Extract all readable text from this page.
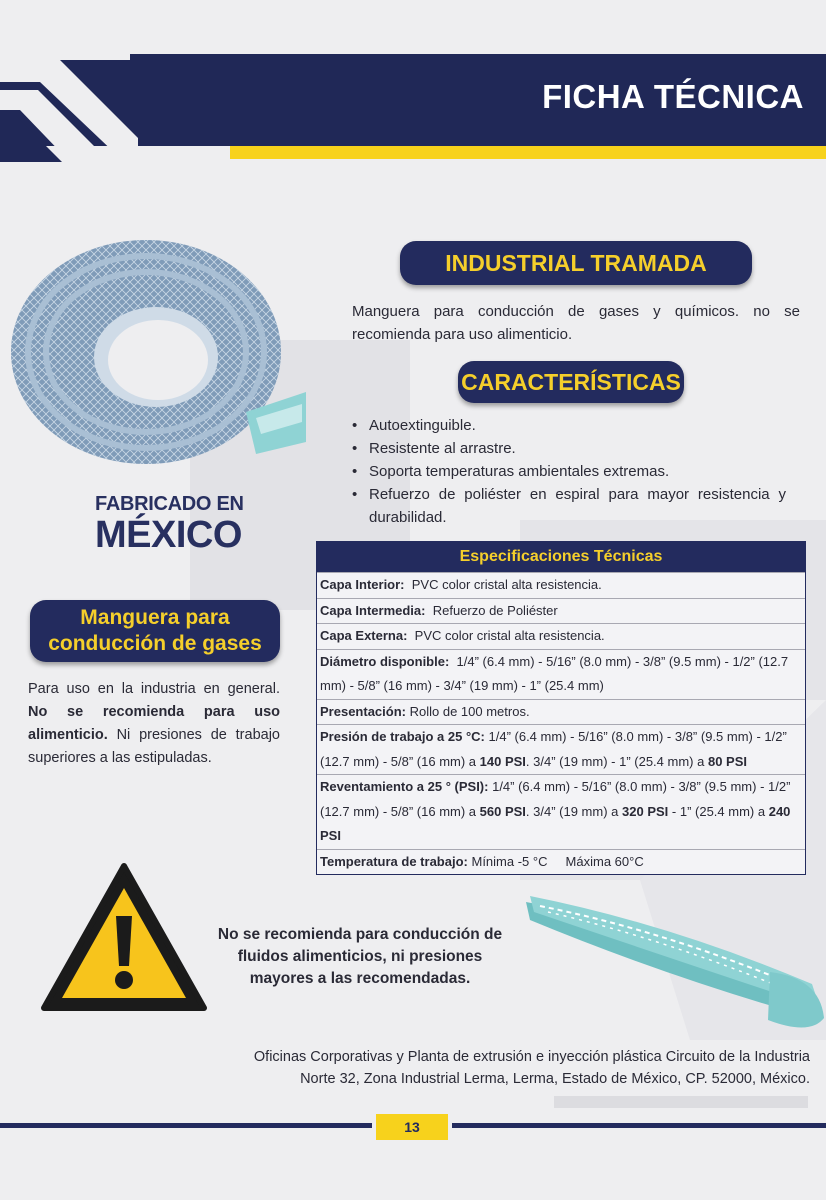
FICHA TÉCNICA
FABRICADO EN
MÉXICO
INDUSTRIAL TRAMADA
Manguera para conducción de gases y químicos. no se recomienda para uso alimenticio.
CARACTERÍSTICAS
• Autoextinguible.
• Resistente al arrastre.
• Soporta temperaturas ambientales extremas.
• Refuerzo de poliéster en espiral para mayor resistencia y durabilidad.
Manguera para
conducción de gases
Para uso en la industria en general. No se recomienda para uso alimenticio. Ni presiones de trabajo superiores a las estipuladas.
Especificaciones Técnicas
Capa Interior: PVC color cristal alta resistencia.
Capa Intermedia: Refuerzo de Poliéster
Capa Externa: PVC color cristal alta resistencia.
Diámetro disponible: 1/4” (6.4 mm) - 5/16” (8.0 mm) - 3/8” (9.5 mm) - 1/2” (12.7 mm) - 5/8” (16 mm) - 3/4” (19 mm) - 1” (25.4 mm)
Presentación: Rollo de 100 metros.
Presión de trabajo a 25 °C: 1/4” (6.4 mm) - 5/16” (8.0 mm) - 3/8” (9.5 mm) - 1/2” (12.7 mm) - 5/8” (16 mm) a 140 PSI. 3/4” (19 mm) - 1” (25.4 mm) a 80 PSI
Reventamiento a 25 ° (PSI): 1/4” (6.4 mm) - 5/16” (8.0 mm) - 3/8” (9.5 mm) - 1/2” (12.7 mm) - 5/8” (16 mm) a 560 PSI. 3/4” (19 mm) a 320 PSI - 1” (25.4 mm) a 240 PSI
Temperatura de trabajo: Mínima -5 °C Máxima 60°C
No se recomienda para conducción de fluidos alimenticios, ni presiones mayores a las recomendadas.
Oficinas Corporativas y Planta de extrusión e inyección plástica Circuito de la Industria
Norte 32, Zona Industrial Lerma, Lerma, Estado de México, CP. 52000, México.
13
